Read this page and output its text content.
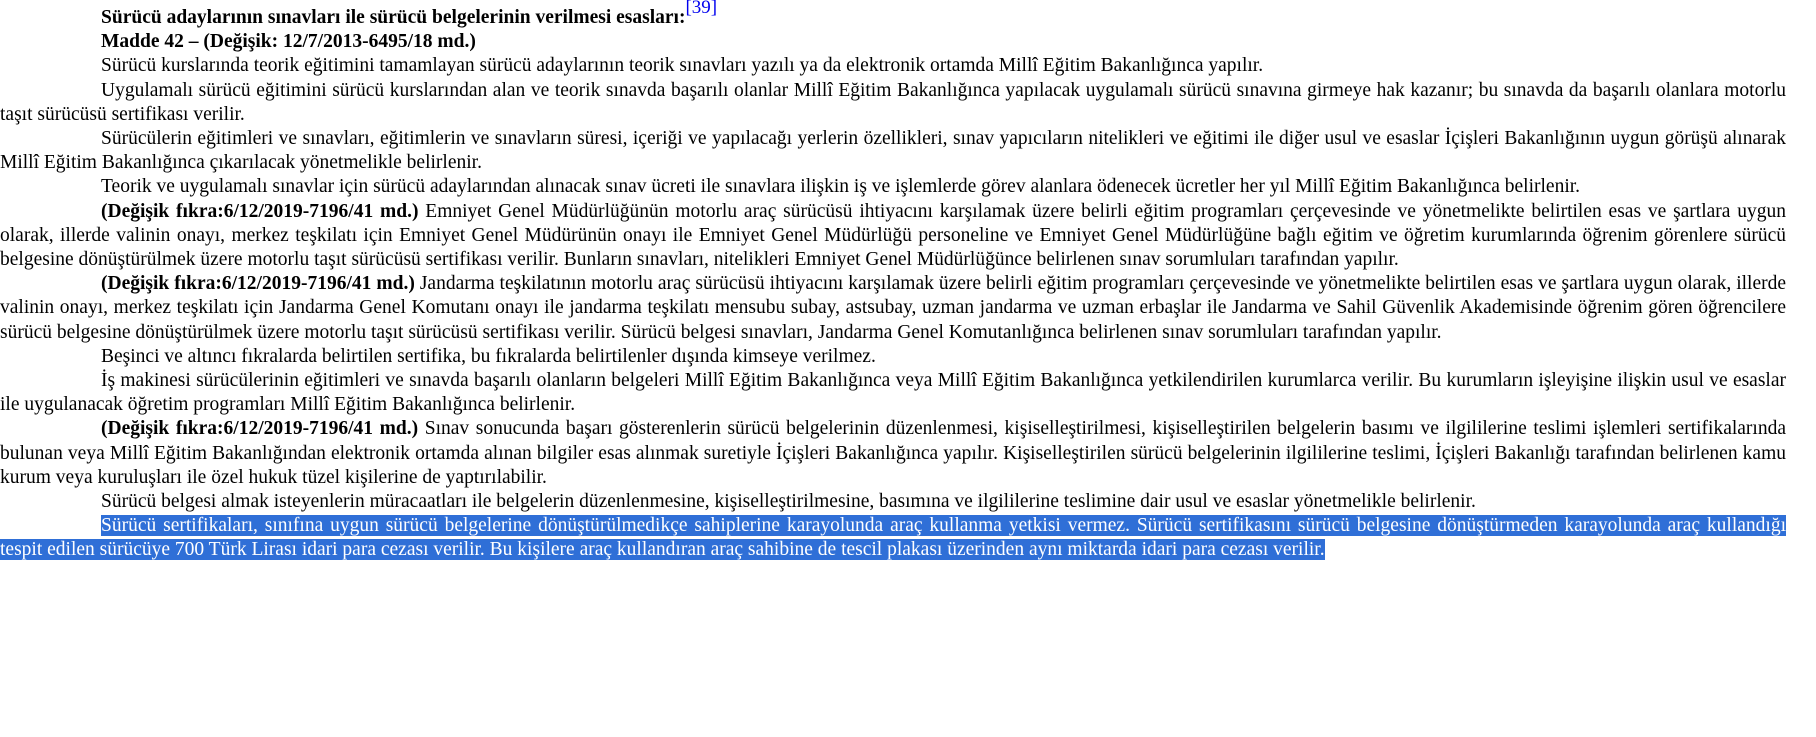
Sürücü adaylarının sınavları ile sürücü belgelerinin verilmesi esasları:[39]
Madde 42 – (Değişik: 12/7/2013-6495/18 md.)

Sürücü kurslarında teorik eğitimini tamamlayan sürücü adaylarının teorik sınavları yazılı ya da elektronik ortamda Millî Eğitim Bakanlığınca yapılır.

Uygulamalı sürücü eğitimini sürücü kurslarından alan ve teorik sınavda başarılı olanlar Millî Eğitim Bakanlığınca yapılacak uygulamalı sürücü sınavına girmeye hak kazanır; bu sınavda da başarılı olanlara motorlu taşıt sürücüsü sertifikası verilir.

Sürücülerin eğitimleri ve sınavları, eğitimlerin ve sınavların süresi, içeriği ve yapılacağı yerlerin özellikleri, sınav yapıcıların nitelikleri ve eğitimi ile diğer usul ve esaslar İçişleri Bakanlığının uygun görüşü alınarak Millî Eğitim Bakanlığınca çıkarılacak yönetmelikle belirlenir.

Teorik ve uygulamalı sınavlar için sürücü adaylarından alınacak sınav ücreti ile sınavlara ilişkin iş ve işlemlerde görev alanlara ödenecek ücretler her yıl Millî Eğitim Bakanlığınca belirlenir.

(Değişik fıkra:6/12/2019-7196/41 md.) Emniyet Genel Müdürlüğünün motorlu araç sürücüsü ihtiyacını karşılamak üzere belirli eğitim programları çerçevesinde ve yönetmelikte belirtilen esas ve şartlara uygun olarak, illerde valinin onayı, merkez teşkilatı için Emniyet Genel Müdürünün onayı ile Emniyet Genel Müdürlüğü personeline ve Emniyet Genel Müdürlüğüne bağlı eğitim ve öğretim kurumlarında öğrenim görenlere sürücü belgesine dönüştürülmek üzere motorlu taşıt sürücüsü sertifikası verilir. Bunların sınavları, nitelikleri Emniyet Genel Müdürlüğünce belirlenen sınav sorumluları tarafından yapılır.

(Değişik fıkra:6/12/2019-7196/41 md.) Jandarma teşkilatının motorlu araç sürücüsü ihtiyacını karşılamak üzere belirli eğitim programları çerçevesinde ve yönetmelikte belirtilen esas ve şartlara uygun olarak, illerde valinin onayı, merkez teşkilatı için Jandarma Genel Komutanı onayı ile jandarma teşkilatı mensubu subay, astsubay, uzman jandarma ve uzman erbaşlar ile Jandarma ve Sahil Güvenlik Akademisinde öğrenim gören öğrencilere sürücü belgesine dönüştürülmek üzere motorlu taşıt sürücüsü sertifikası verilir. Sürücü belgesi sınavları, Jandarma Genel Komutanlığınca belirlenen sınav sorumluları tarafından yapılır.

Beşinci ve altıncı fıkralarda belirtilen sertifika, bu fıkralarda belirtilenler dışında kimseye verilmez.

İş makinesi sürücülerinin eğitimleri ve sınavda başarılı olanların belgeleri Millî Eğitim Bakanlığınca veya Millî Eğitim Bakanlığınca yetkilendirilen kurumlarca verilir. Bu kurumların işleyişine ilişkin usul ve esaslar ile uygulanacak öğretim programları Millî Eğitim Bakanlığınca belirlenir.

(Değişik fıkra:6/12/2019-7196/41 md.) Sınav sonucunda başarı gösterenlerin sürücü belgelerinin düzenlenmesi, kişiselleştirilmesi, kişiselleştirilen belgelerin basımı ve ilgililerine teslimi işlemleri sertifikalarında bulunan veya Millî Eğitim Bakanlığından elektronik ortamda alınan bilgiler esas alınmak suretiyle İçişleri Bakanlığınca yapılır. Kişiselleştirilen sürücü belgelerinin ilgililerine teslimi, İçişleri Bakanlığı tarafından belirlenen kamu kurum veya kuruluşları ile özel hukuk tüzel kişilerine de yaptırılabilir.

Sürücü belgesi almak isteyenlerin müracaatları ile belgelerin düzenlenmesine, kişiselleştirilmesine, basımına ve ilgililerine teslimine dair usul ve esaslar yönetmelikle belirlenir.

Sürücü sertifikaları, sınıfına uygun sürücü belgelerine dönüştürülmedikçe sahiplerine karayolunda araç kullanma yetkisi vermez. Sürücü sertifikasını sürücü belgesine dönüştürmeden karayolunda araç kullandığı tespit edilen sürücüye 700 Türk Lirası idari para cezası verilir. Bu kişilere araç kullandıran araç sahibine de tescil plakası üzerinden aynı miktarda idari para cezası verilir.
